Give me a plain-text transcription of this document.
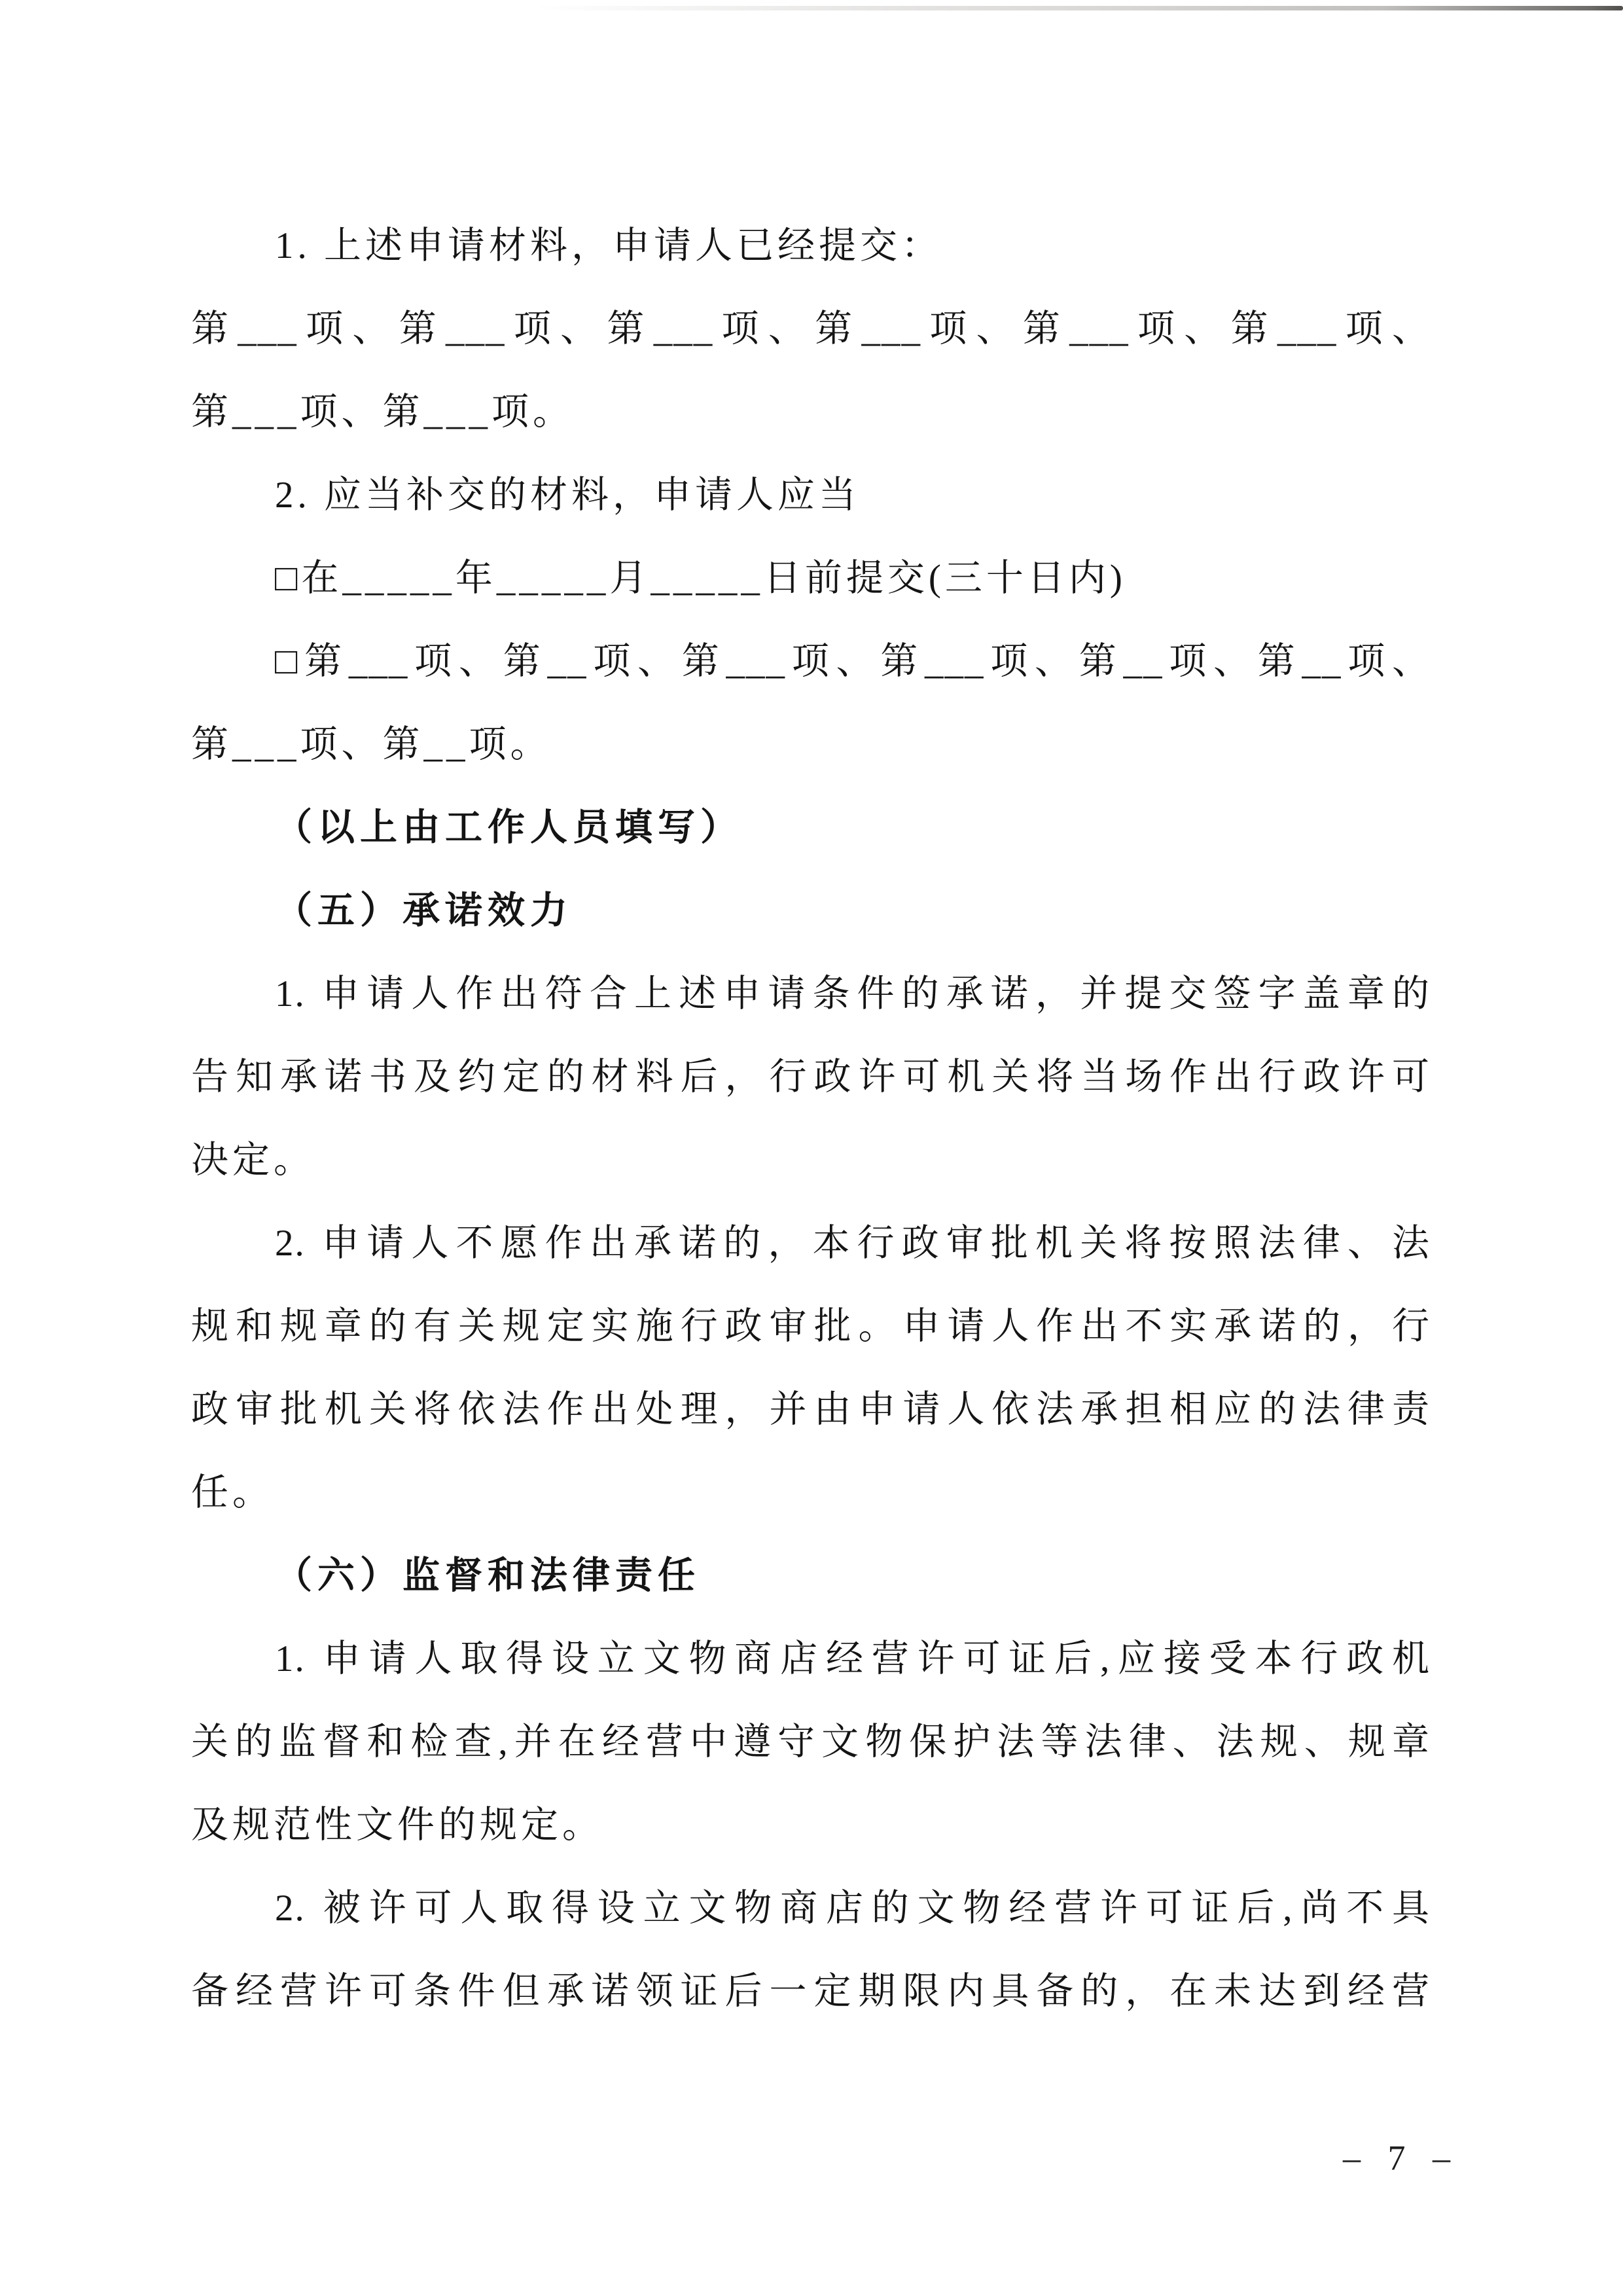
1. 上述申请材料，申请人已经提交：

第___项、第___项、第___项、第___项、第___项、第___项、

第___项、第___项。

2. 应当补交的材料，申请人应当

□在_____年_____月_____日前提交(三十日内)

□第___项、第__项、第___项、第___项、第__项、第__项、

第___项、第__项。

（以上由工作人员填写）

（五）承诺效力

1. 申请人作出符合上述申请条件的承诺，并提交签字盖章的

告知承诺书及约定的材料后，行政许可机关将当场作出行政许可

决定。

2. 申请人不愿作出承诺的，本行政审批机关将按照法律、法

规和规章的有关规定实施行政审批。申请人作出不实承诺的，行

政审批机关将依法作出处理，并由申请人依法承担相应的法律责

任。

（六）监督和法律责任

1. 申请人取得设立文物商店经营许可证后,应接受本行政机

关的监督和检查,并在经营中遵守文物保护法等法律、法规、规章

及规范性文件的规定。

2. 被许可人取得设立文物商店的文物经营许可证后,尚不具

备经营许可条件但承诺领证后一定期限内具备的，在未达到经营

– 7 –
